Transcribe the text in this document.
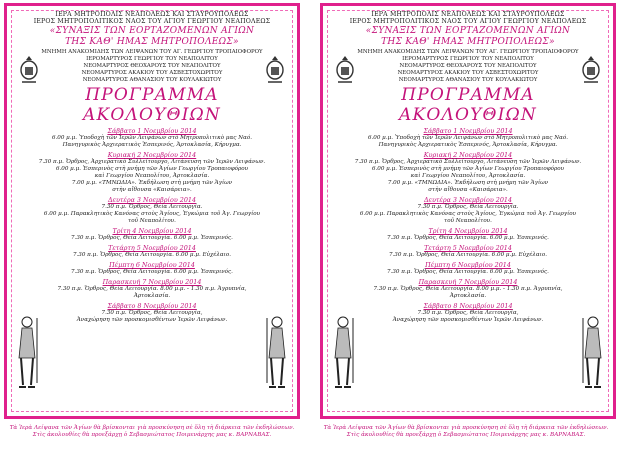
ΙΕΡΑ ΜΗΤΡΟΠΟΛΙΣ ΝΕΑΠΟΛΕΩΣ ΚΑΙ ΣΤΑΥΡΟΥΠΟΛΕΩΣ
ΙΕΡΟΣ ΜΗΤΡΟΠΟΛΙΤΙΚΟΣ ΝΑΟΣ ΤΟΥ ΑΓΙΟΥ ΓΕΩΡΓΙΟΥ ΝΕΑΠΟΛΕΩΣ
«ΣΥΝΑΞΙΣ ΤΩΝ ΕΟΡΤΑΖΟΜΕΝΩΝ ΑΓΙΩΝ
ΤΗΣ ΚΑΘ' ΗΜΑΣ ΜΗΤΡΟΠΟΛΕΩΣ»
ΜΝΗΜΗ ΑΝΑΚΟΜΙΔΗΣ ΤΩΝ ΛΕΙΨΑΝΩΝ ΤΟΥ ΑΓ. ΓΕΩΡΓΙΟΥ ΤΡΟΠΑΙΟΦΟΡΟΥ
ΙΕΡΟΜΑΡΤΥΡΟΣ ΓΕΩΡΓΙΟΥ ΤΟΥ ΝΕΑΠΟΛΙΤΟΥ
ΝΕΟΜΑΡΤΥΡΟΣ ΘΕΟΧΑΡΟΥΣ ΤΟΥ ΝΕΑΠΟΛΙΤΟΥ
ΝΕΟΜΑΡΤΥΡΟΣ ΑΚΑΚΙΟΥ ΤΟΥ ΑΣΒΕΣΤΟΧΩΡΙΤΟΥ
ΝΕΟΜΑΡΤΥΡΟΣ ΑΘΑΝΑΣΙΟΥ ΤΟΥ ΚΟΥΛΑΚΙΩΤΟΥ
ΠΡΟΓΡΑΜΜΑ ΑΚΟΛΟΥΘΙΩΝ
Σάββατο 1 Νοεμβρίου 2014
6.00 μ.μ. Ὑποδοχὴ τῶν Ἱερῶν Λειψάνων στὸ Μητροπολιτικὸ μας Ναό.
Πανηγυρικὸς Ἀρχιερατικὸς Ἑσπερινός, Ἀρτοκλασία, Κήρυγμα.
Κυριακή 2 Νοεμβρίου 2014
7.30 π.μ. Ὄρθρος, Ἀρχιερατικὸ Συλλείτουργο, Λιτάνευση τῶν Ἱερῶν Λειψάνων.
6.00 μ.μ. Ἑσπερινὸς στὴ μνήμη τῶν Ἁγίων Γεωργίου Τροπαιοφόρου
καὶ Γεωργίου Νεαπολίτου, Ἀρτοκλασία.
7.00 μ.μ. «ΤΜΝΩΔΙΑ». Ἐκδήλωση στὴ μνήμη τῶν Ἁγίων
στὴν αἴθουσα «Καισάρεια».
Δευτέρα 3 Νοεμβρίου 2014
7.30 π.μ. Ὄρθρος, Θεία Λειτουργία.
6.00 μ.μ. Παρακλητικὸς Κανόνας στοὺς Ἁγίους, Ἐγκώμια τοῦ Ἁγ. Γεωργίου
τοῦ Νεαπολίτου.
Τρίτη 4 Νοεμβρίου 2014
7.30 π.μ. Ὄρθρος, Θεία Λειτουργία. 6.00 μ.μ. Ἑσπερινός.
Τετάρτη 5 Νοεμβρίου 2014
7.30 π.μ. Ὄρθρος, Θεία Λειτουργία. 6.00 μ.μ. Εὐχέλαιο.
Πέμπτη 6 Νοεμβρίου 2014
7.30 π.μ. Ὄρθρος, Θεία Λειτουργία. 6.00 μ.μ. Ἑσπερινός.
Παρασκευή 7 Νοεμβρίου 2014
7.30 π.μ. Ὄρθρος, Θεία Λειτουργία. 8.00 μ.μ. - 1.30 π.μ. Ἀγρυπνία,
Ἀρτοκλασία.
Σάββατο 8 Νοεμβρίου 2014
7.30 π.μ. Ὄρθρος, Θεία Λειτουργία,
Ἀναχώρηση τῶν προσκομισθέντων Ἱερῶν Λειψάνων.
Τὰ Ἱερὰ Λείψανα τῶν Ἁγίων θὰ βρίσκονται γιὰ προσκύνηση σὲ ὅλη τὴ διάρκεια τῶν ἐκδηλώσεων.
Στὶς ἀκολουθίες θὰ προεξάρχῃ ὁ Σεβασμιώτατος Ποιμενάρχης μας κ. ΒΑΡΝΑΒΑΣ.
ΙΕΡΑ ΜΗΤΡΟΠΟΛΙΣ ΝΕΑΠΟΛΕΩΣ ΚΑΙ ΣΤΑΥΡΟΥΠΟΛΕΩΣ
ΙΕΡΟΣ ΜΗΤΡΟΠΟΛΙΤΙΚΟΣ ΝΑΟΣ ΤΟΥ ΑΓΙΟΥ ΓΕΩΡΓΙΟΥ ΝΕΑΠΟΛΕΩΣ
«ΣΥΝΑΞΙΣ ΤΩΝ ΕΟΡΤΑΖΟΜΕΝΩΝ ΑΓΙΩΝ
ΤΗΣ ΚΑΘ' ΗΜΑΣ ΜΗΤΡΟΠΟΛΕΩΣ»
ΜΝΗΜΗ ΑΝΑΚΟΜΙΔΗΣ ΤΩΝ ΛΕΙΨΑΝΩΝ ΤΟΥ ΑΓ. ΓΕΩΡΓΙΟΥ ΤΡΟΠΑΙΟΦΟΡΟΥ
ΙΕΡΟΜΑΡΤΥΡΟΣ ΓΕΩΡΓΙΟΥ ΤΟΥ ΝΕΑΠΟΛΙΤΟΥ
ΝΕΟΜΑΡΤΥΡΟΣ ΘΕΟΧΑΡΟΥΣ ΤΟΥ ΝΕΑΠΟΛΙΤΟΥ
ΝΕΟΜΑΡΤΥΡΟΣ ΑΚΑΚΙΟΥ ΤΟΥ ΑΣΒΕΣΤΟΧΩΡΙΤΟΥ
ΝΕΟΜΑΡΤΥΡΟΣ ΑΘΑΝΑΣΙΟΥ ΤΟΥ ΚΟΥΛΑΚΙΩΤΟΥ
ΠΡΟΓΡΑΜΜΑ ΑΚΟΛΟΥΘΙΩΝ
Σάββατο 1 Νοεμβρίου 2014
6.00 μ.μ. Ὑποδοχὴ τῶν Ἱερῶν Λειψάνων στὸ Μητροπολιτικὸ μας Ναό.
Πανηγυρικὸς Ἀρχιερατικὸς Ἑσπερινός, Ἀρτοκλασία, Κήρυγμα.
Κυριακή 2 Νοεμβρίου 2014
7.30 π.μ. Ὄρθρος, Ἀρχιερατικὸ Συλλείτουργο, Λιτάνευση τῶν Ἱερῶν Λειψάνων.
6.00 μ.μ. Ἑσπερινὸς στὴ μνήμη τῶν Ἁγίων Γεωργίου Τροπαιοφόρου
καὶ Γεωργίου Νεαπολίτου, Ἀρτοκλασία.
7.00 μ.μ. «ΤΜΝΩΔΙΑ». Ἐκδήλωση στὴ μνήμη τῶν Ἁγίων
στὴν αἴθουσα «Καισάρεια».
Δευτέρα 3 Νοεμβρίου 2014
7.30 π.μ. Ὄρθρος, Θεία Λειτουργία.
6.00 μ.μ. Παρακλητικὸς Κανόνας στοὺς Ἁγίους, Ἐγκώμια τοῦ Ἁγ. Γεωργίου
τοῦ Νεαπολίτου.
Τρίτη 4 Νοεμβρίου 2014
7.30 π.μ. Ὄρθρος, Θεία Λειτουργία. 6.00 μ.μ. Ἑσπερινός.
Τετάρτη 5 Νοεμβρίου 2014
7.30 π.μ. Ὄρθρος, Θεία Λειτουργία. 6.00 μ.μ. Εὐχέλαιο.
Πέμπτη 6 Νοεμβρίου 2014
7.30 π.μ. Ὄρθρος, Θεία Λειτουργία. 6.00 μ.μ. Ἑσπερινός.
Παρασκευή 7 Νοεμβρίου 2014
7.30 π.μ. Ὄρθρος, Θεία Λειτουργία. 8.00 μ.μ. - 1.30 π.μ. Ἀγρυπνία,
Ἀρτοκλασία.
Σάββατο 8 Νοεμβρίου 2014
7.30 π.μ. Ὄρθρος, Θεία Λειτουργία,
Ἀναχώρηση τῶν προσκομισθέντων Ἱερῶν Λειψάνων.
Τὰ Ἱερὰ Λείψανα τῶν Ἁγίων θὰ βρίσκονται γιὰ προσκύνηση σὲ ὅλη τὴ διάρκεια τῶν ἐκδηλώσεων.
Στὶς ἀκολουθίες θὰ προεξάρχῃ ὁ Σεβασμιώτατος Ποιμενάρχης μας κ. ΒΑΡΝΑΒΑΣ.
